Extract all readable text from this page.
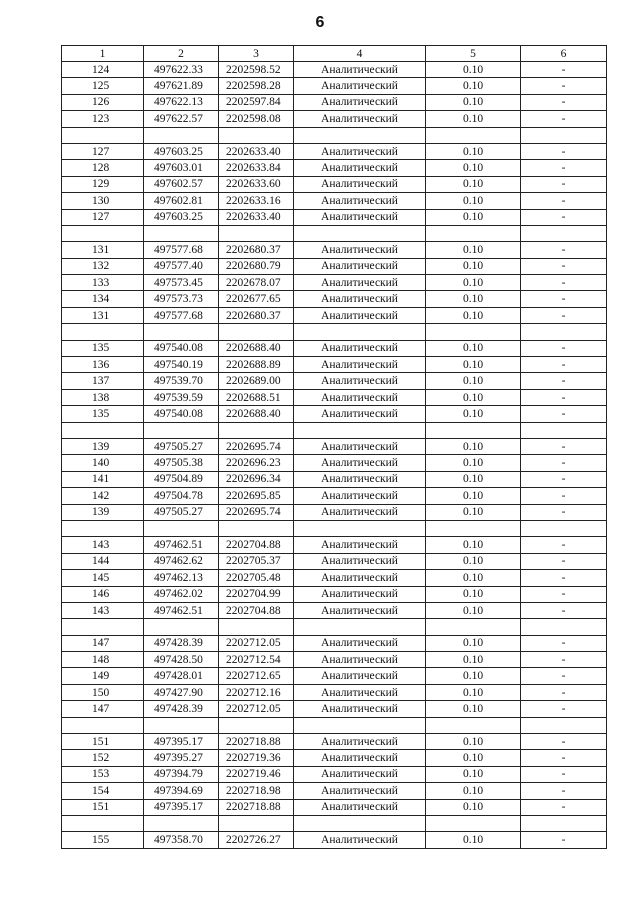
6
1	2	3	4	5	6
124	497622.33	2202598.52	Аналитический	0.10	-
125	497621.89	2202598.28	Аналитический	0.10	-
126	497622.13	2202597.84	Аналитический	0.10	-
123	497622.57	2202598.08	Аналитический	0.10	-

127	497603.25	2202633.40	Аналитический	0.10	-
128	497603.01	2202633.84	Аналитический	0.10	-
129	497602.57	2202633.60	Аналитический	0.10	-
130	497602.81	2202633.16	Аналитический	0.10	-
127	497603.25	2202633.40	Аналитический	0.10	-

131	497577.68	2202680.37	Аналитический	0.10	-
132	497577.40	2202680.79	Аналитический	0.10	-
133	497573.45	2202678.07	Аналитический	0.10	-
134	497573.73	2202677.65	Аналитический	0.10	-
131	497577.68	2202680.37	Аналитический	0.10	-

135	497540.08	2202688.40	Аналитический	0.10	-
136	497540.19	2202688.89	Аналитический	0.10	-
137	497539.70	2202689.00	Аналитический	0.10	-
138	497539.59	2202688.51	Аналитический	0.10	-
135	497540.08	2202688.40	Аналитический	0.10	-

139	497505.27	2202695.74	Аналитический	0.10	-
140	497505.38	2202696.23	Аналитический	0.10	-
141	497504.89	2202696.34	Аналитический	0.10	-
142	497504.78	2202695.85	Аналитический	0.10	-
139	497505.27	2202695.74	Аналитический	0.10	-

143	497462.51	2202704.88	Аналитический	0.10	-
144	497462.62	2202705.37	Аналитический	0.10	-
145	497462.13	2202705.48	Аналитический	0.10	-
146	497462.02	2202704.99	Аналитический	0.10	-
143	497462.51	2202704.88	Аналитический	0.10	-

147	497428.39	2202712.05	Аналитический	0.10	-
148	497428.50	2202712.54	Аналитический	0.10	-
149	497428.01	2202712.65	Аналитический	0.10	-
150	497427.90	2202712.16	Аналитический	0.10	-
147	497428.39	2202712.05	Аналитический	0.10	-

151	497395.17	2202718.88	Аналитический	0.10	-
152	497395.27	2202719.36	Аналитический	0.10	-
153	497394.79	2202719.46	Аналитический	0.10	-
154	497394.69	2202718.98	Аналитический	0.10	-
151	497395.17	2202718.88	Аналитический	0.10	-

155	497358.70	2202726.27	Аналитический	0.10	-
